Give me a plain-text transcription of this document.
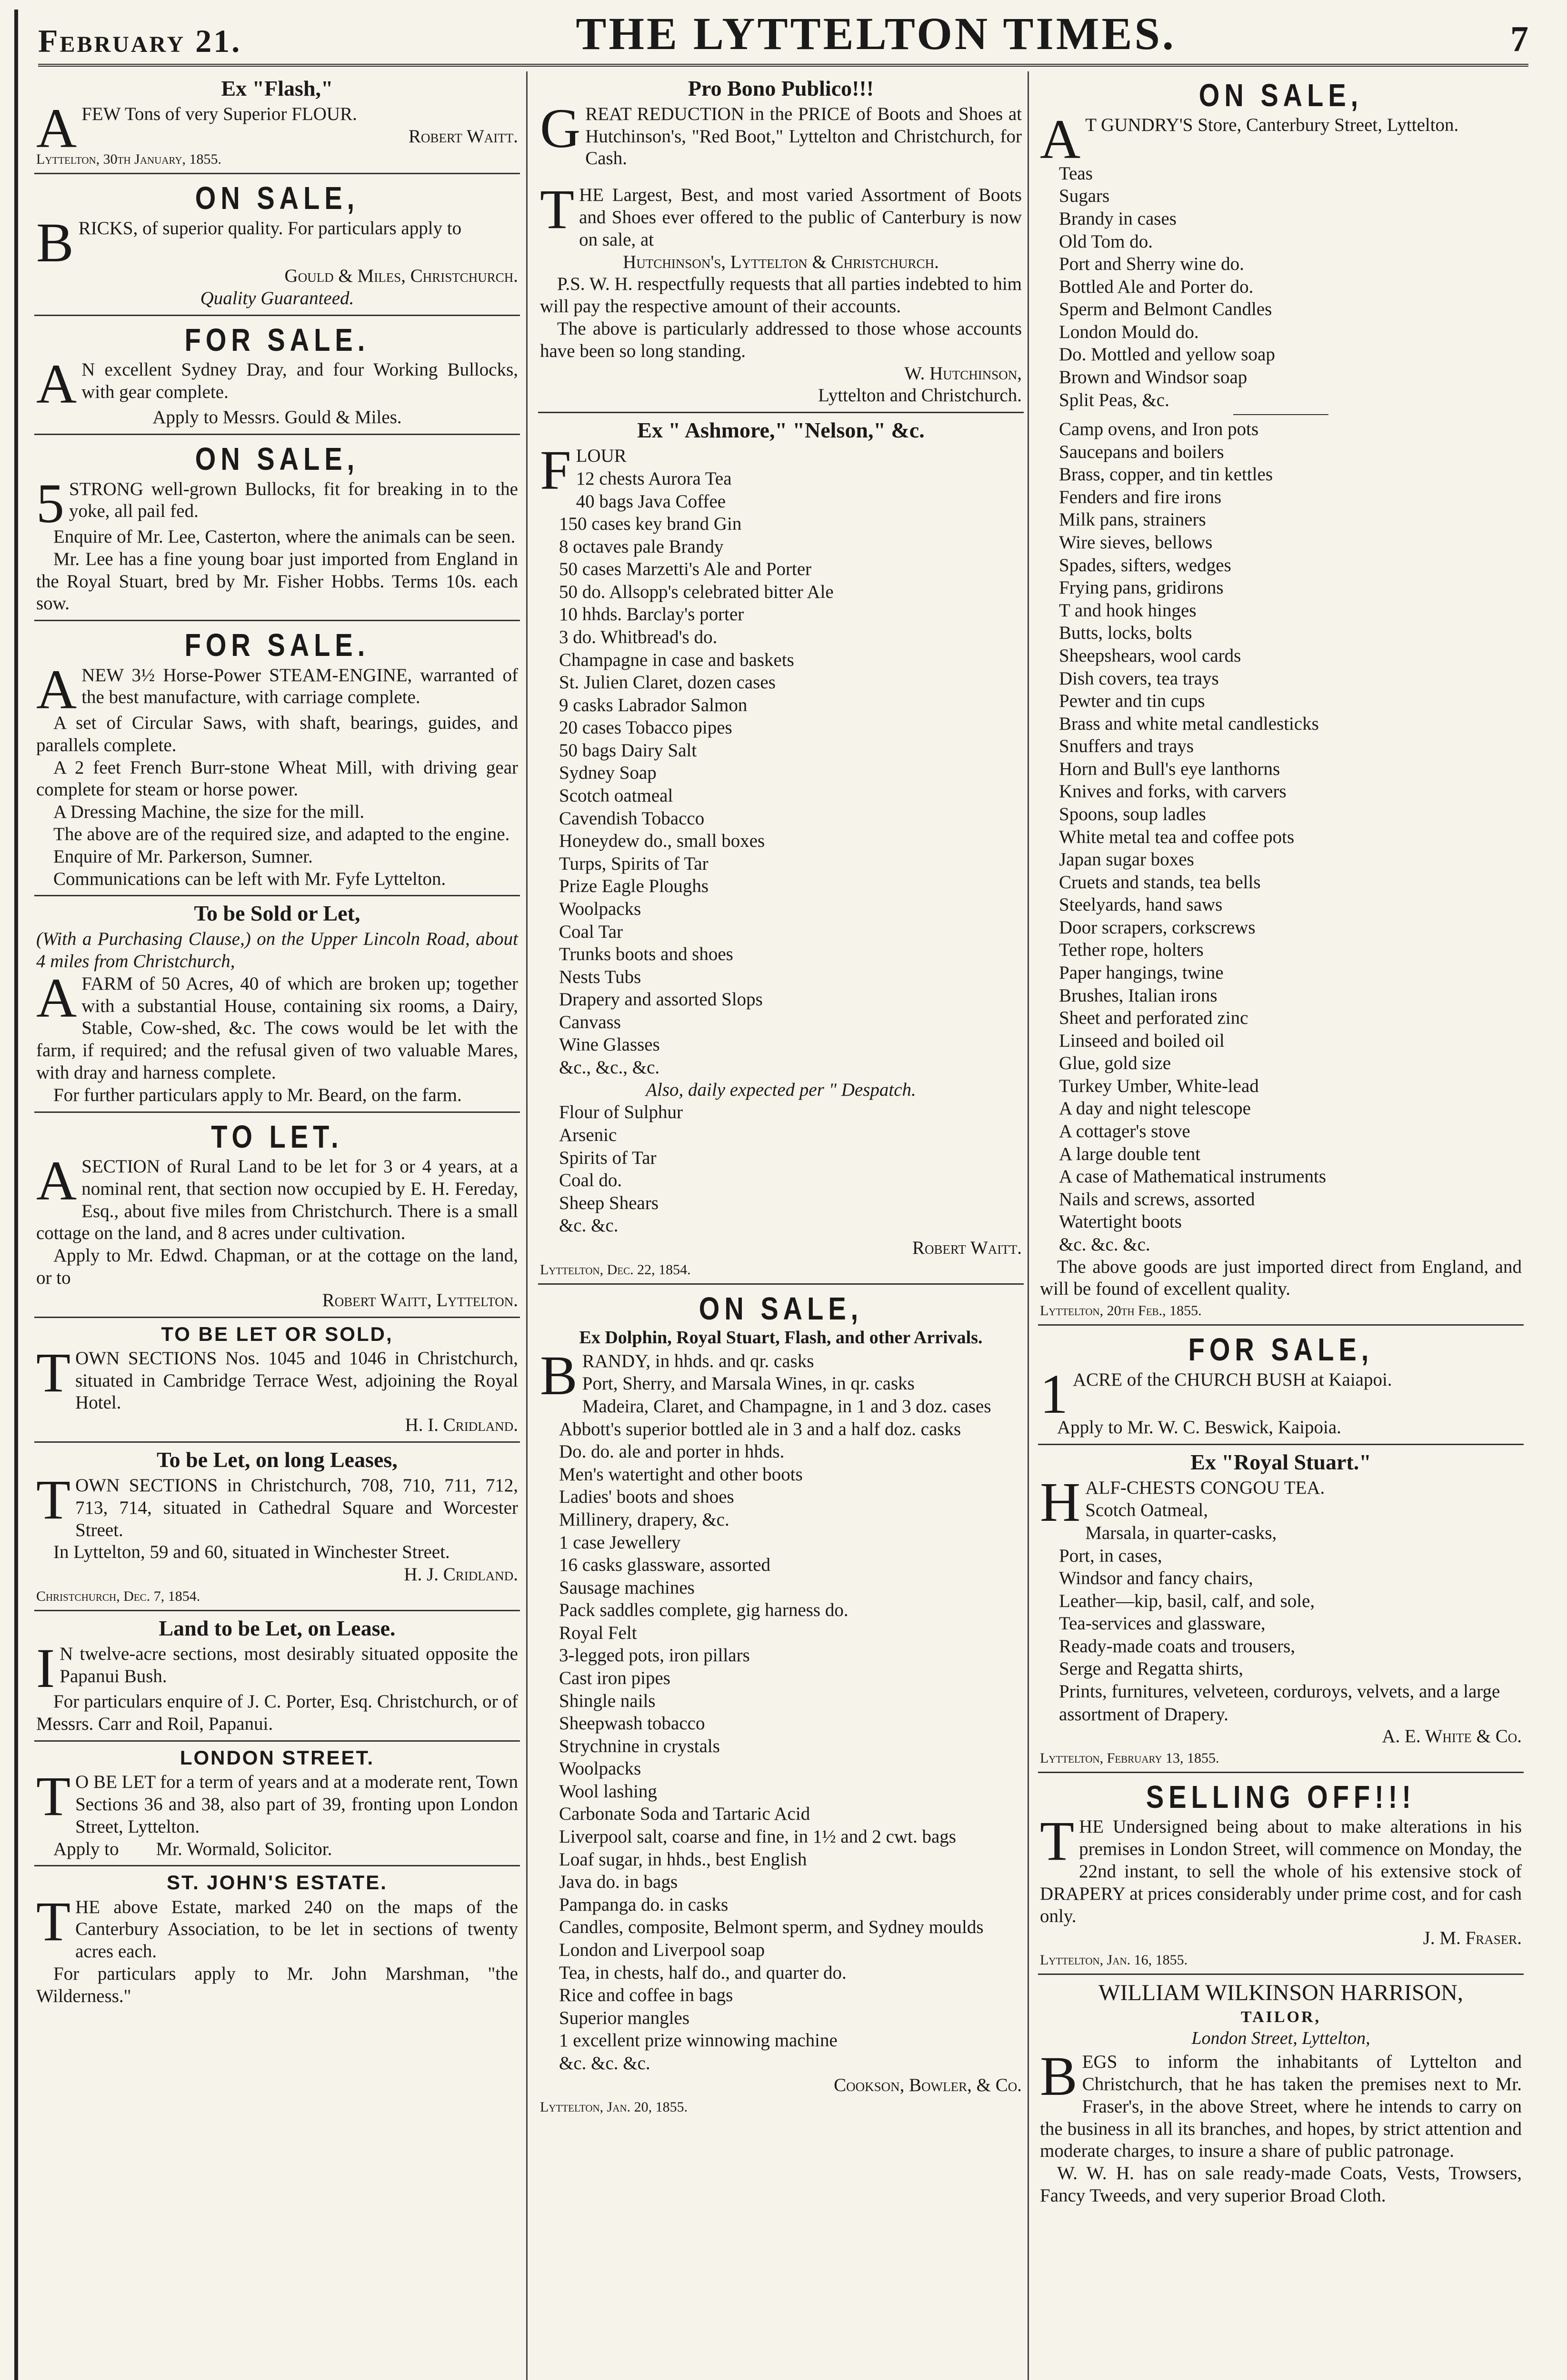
February 21.	THE LYTTELTON TIMES.	7
Ex "Flash,"

AFEW Tons of very Superior FLOUR.

Robert Waitt.

Lyttelton, 30th January, 1855.

ON SALE,

BRICKS, of superior quality. For particulars apply to

Gould & Miles, Christchurch.

Quality Guaranteed.

FOR SALE.

A N excellent Sydney Dray, and four Working Bullocks, with gear complete.

Apply to Messrs. Gould & Miles.

ON SALE,

5 STRONG well-grown Bullocks, fit for breaking in to the yoke, all pail fed.

Enquire of Mr. Lee, Casterton, where the animals can be seen.

Mr. Lee has a fine young boar just imported from England in the Royal Stuart, bred by Mr. Fisher Hobbs. Terms 10s. each sow.

FOR SALE.

ANEW 3½ Horse-Power STEAM-ENGINE, warranted of the best manufacture, with carriage complete.

A set of Circular Saws, with shaft, bearings, guides, and parallels complete.

A 2 feet French Burr-stone Wheat Mill, with driving gear complete for steam or horse power.

A Dressing Machine, the size for the mill.

The above are of the required size, and adapted to the engine.

Enquire of Mr. Parkerson, Sumner.

Communications can be left with Mr. Fyfe Lyttelton.

To be Sold or Let,

(With a Purchasing Clause,) on the Upper Lincoln Road, about 4 miles from Christchurch,

AFARM of 50 Acres, 40 of which are broken up; together with a substantial House, containing six rooms, a Dairy, Stable, Cow-shed, &c. The cows would be let with the farm, if required; and the refusal given of two valuable Mares, with dray and harness complete.

For further particulars apply to Mr. Beard, on the farm.

TO LET.

ASECTION of Rural Land to be let for 3 or 4 years, at a nominal rent, that section now occupied by E. H. Fereday, Esq., about five miles from Christchurch. There is a small cottage on the land, and 8 acres under cultivation.

Apply to Mr. Edwd. Chapman, or at the cottage on the land, or to

Robert Waitt, Lyttelton.

TO BE LET OR SOLD,

TOWN SECTIONS Nos. 1045 and 1046 in Christchurch, situated in Cambridge Terrace West, adjoining the Royal Hotel.

H. I. Cridland.

To be Let, on long Leases,

TOWN SECTIONS in Christchurch, 708, 710, 711, 712, 713, 714, situated in Cathedral Square and Worcester Street.

In Lyttelton, 59 and 60, situated in Winchester Street.

H. J. Cridland.

Christchurch, Dec. 7, 1854.

Land to be Let, on Lease.

I N twelve-acre sections, most desirably situated opposite the Papanui Bush.

For particulars enquire of J. C. Porter, Esq. Christchurch, or of Messrs. Carr and Roil, Papanui.

LONDON STREET.

T O BE LET for a term of years and at a moderate rent, Town Sections 36 and 38, also part of 39, fronting upon London Street, Lyttelton.

Apply to        Mr. Wormald, Solicitor.

ST. JOHN'S ESTATE.

THE above Estate, marked 240 on the maps of the Canterbury Association, to be let in sections of twenty acres each.

For particulars apply to Mr. John Marshman, "the Wilderness."

Pro Bono Publico!!!

GREAT REDUCTION in the PRICE of Boots and Shoes at Hutchinson's, "Red Boot," Lyttelton and Christchurch, for Cash.

THE Largest, Best, and most varied Assortment of Boots and Shoes ever offered to the public of Canterbury is now on sale, at

Hutchinson's, Lyttelton & Christchurch.

P.S. W. H. respectfully requests that all parties indebted to him will pay the respective amount of their accounts.

The above is particularly addressed to those whose accounts have been so long standing.

W. Hutchinson,

Lyttelton and Christchurch.

Ex " Ashmore," "Nelson," &c.

FLOUR

12 chests Aurora Tea
40 bags Java Coffee
150 cases key brand Gin
8 octaves pale Brandy
50 cases Marzetti's Ale and Porter
50 do. Allsopp's celebrated bitter Ale
10 hhds. Barclay's porter
3 do. Whitbread's do.
Champagne in case and baskets
St. Julien Claret, dozen cases
9 casks Labrador Salmon
20 cases Tobacco pipes
50 bags Dairy Salt
Sydney Soap
Scotch oatmeal
Cavendish Tobacco
Honeydew do., small boxes
Turps, Spirits of Tar
Prize Eagle Ploughs
Woolpacks
Coal Tar
Trunks boots and shoes
Nests Tubs
Drapery and assorted Slops
Canvass
Wine Glasses
&c., &c., &c.

Also, daily expected per " Despatch.

Flour of Sulphur
Arsenic
Spirits of Tar
Coal do.
Sheep Shears
&c. &c.

Robert Waitt.

Lyttelton, Dec. 22, 1854.

ON SALE,
Ex Dolphin, Royal Stuart, Flash, and other Arrivals.

BRANDY, in hhds. and qr. casks

Port, Sherry, and Marsala Wines, in qr. casks
Madeira, Claret, and Champagne, in 1 and 3 doz. cases
Abbott's superior bottled ale in 3 and a half doz. casks
Do. do. ale and porter in hhds.
Men's watertight and other boots
Ladies' boots and shoes
Millinery, drapery, &c.
1 case Jewellery
16 casks glassware, assorted
Sausage machines
Pack saddles complete, gig harness do.
Royal Felt
3-legged pots, iron pillars
Cast iron pipes
Shingle nails
Sheepwash tobacco
Strychnine in crystals
Woolpacks
Wool lashing
Carbonate Soda and Tartaric Acid
Liverpool salt, coarse and fine, in 1½ and 2 cwt. bags
Loaf sugar, in hhds., best English
Java do. in bags
Pampanga do. in casks
Candles, composite, Belmont sperm, and Sydney moulds
London and Liverpool soap
Tea, in chests, half do., and quarter do.
Rice and coffee in bags
Superior mangles
1 excellent prize winnowing machine
&c. &c. &c.

Cookson, Bowler, & Co.

Lyttelton, Jan. 20, 1855.

ON SALE,

A T GUNDRY'S Store, Canterbury Street, Lyttelton.

Teas
Sugars
Brandy in cases
Old Tom do.
Port and Sherry wine do.
Bottled Ale and Porter do.
Sperm and Belmont Candles
London Mould do.
Do. Mottled and yellow soap
Brown and Windsor soap
Split Peas, &c.
Camp ovens, and Iron pots
Saucepans and boilers
Brass, copper, and tin kettles
Fenders and fire irons
Milk pans, strainers
Wire sieves, bellows
Spades, sifters, wedges
Frying pans, gridirons
T and hook hinges
Butts, locks, bolts
Sheepshears, wool cards
Dish covers, tea trays
Pewter and tin cups
Brass and white metal candlesticks
Snuffers and trays
Horn and Bull's eye lanthorns
Knives and forks, with carvers
Spoons, soup ladles
White metal tea and coffee pots
Japan sugar boxes
Cruets and stands, tea bells
Steelyards, hand saws
Door scrapers, corkscrews
Tether rope, holters
Paper hangings, twine
Brushes, Italian irons
Sheet and perforated zinc
Linseed and boiled oil
Glue, gold size
Turkey Umber, White-lead
A day and night telescope
A cottager's stove
A large double tent
A case of Mathematical instruments
Nails and screws, assorted
Watertight boots
&c. &c. &c.

The above goods are just imported direct from England, and will be found of excellent quality.

Lyttelton, 20th Feb., 1855.

FOR SALE,

1 ACRE of the CHURCH BUSH at Kaiapoi.

Apply to Mr. W. C. Beswick, Kaipoia.

Ex "Royal Stuart."

HALF-CHESTS CONGOU TEA.

Scotch Oatmeal,
Marsala, in quarter-casks,
Port, in cases,
Windsor and fancy chairs,
Leather—kip, basil, calf, and sole,
Tea-services and glassware,
Ready-made coats and trousers,
Serge and Regatta shirts,
Prints, furnitures, velveteen, corduroys, velvets, and a large assortment of Drapery.

A. E. White & Co.

Lyttelton, February 13, 1855.

SELLING OFF!!!

THE Undersigned being about to make alterations in his premises in London Street, will commence on Monday, the 22nd instant, to sell the whole of his extensive stock of DRAPERY at prices considerably under prime cost, and for cash only.

J. M. Fraser.

Lyttelton, Jan. 16, 1855.

WILLIAM WILKINSON HARRISON,
TAILOR,
London Street, Lyttelton,

BEGS to inform the inhabitants of Lyttelton and Christchurch, that he has taken the premises next to Mr. Fraser's, in the above Street, where he intends to carry on the business in all its branches, and hopes, by strict attention and moderate charges, to insure a share of public patronage.

W. W. H. has on sale ready-made Coats, Vests, Trowsers, Fancy Tweeds, and very superior Broad Cloth.
